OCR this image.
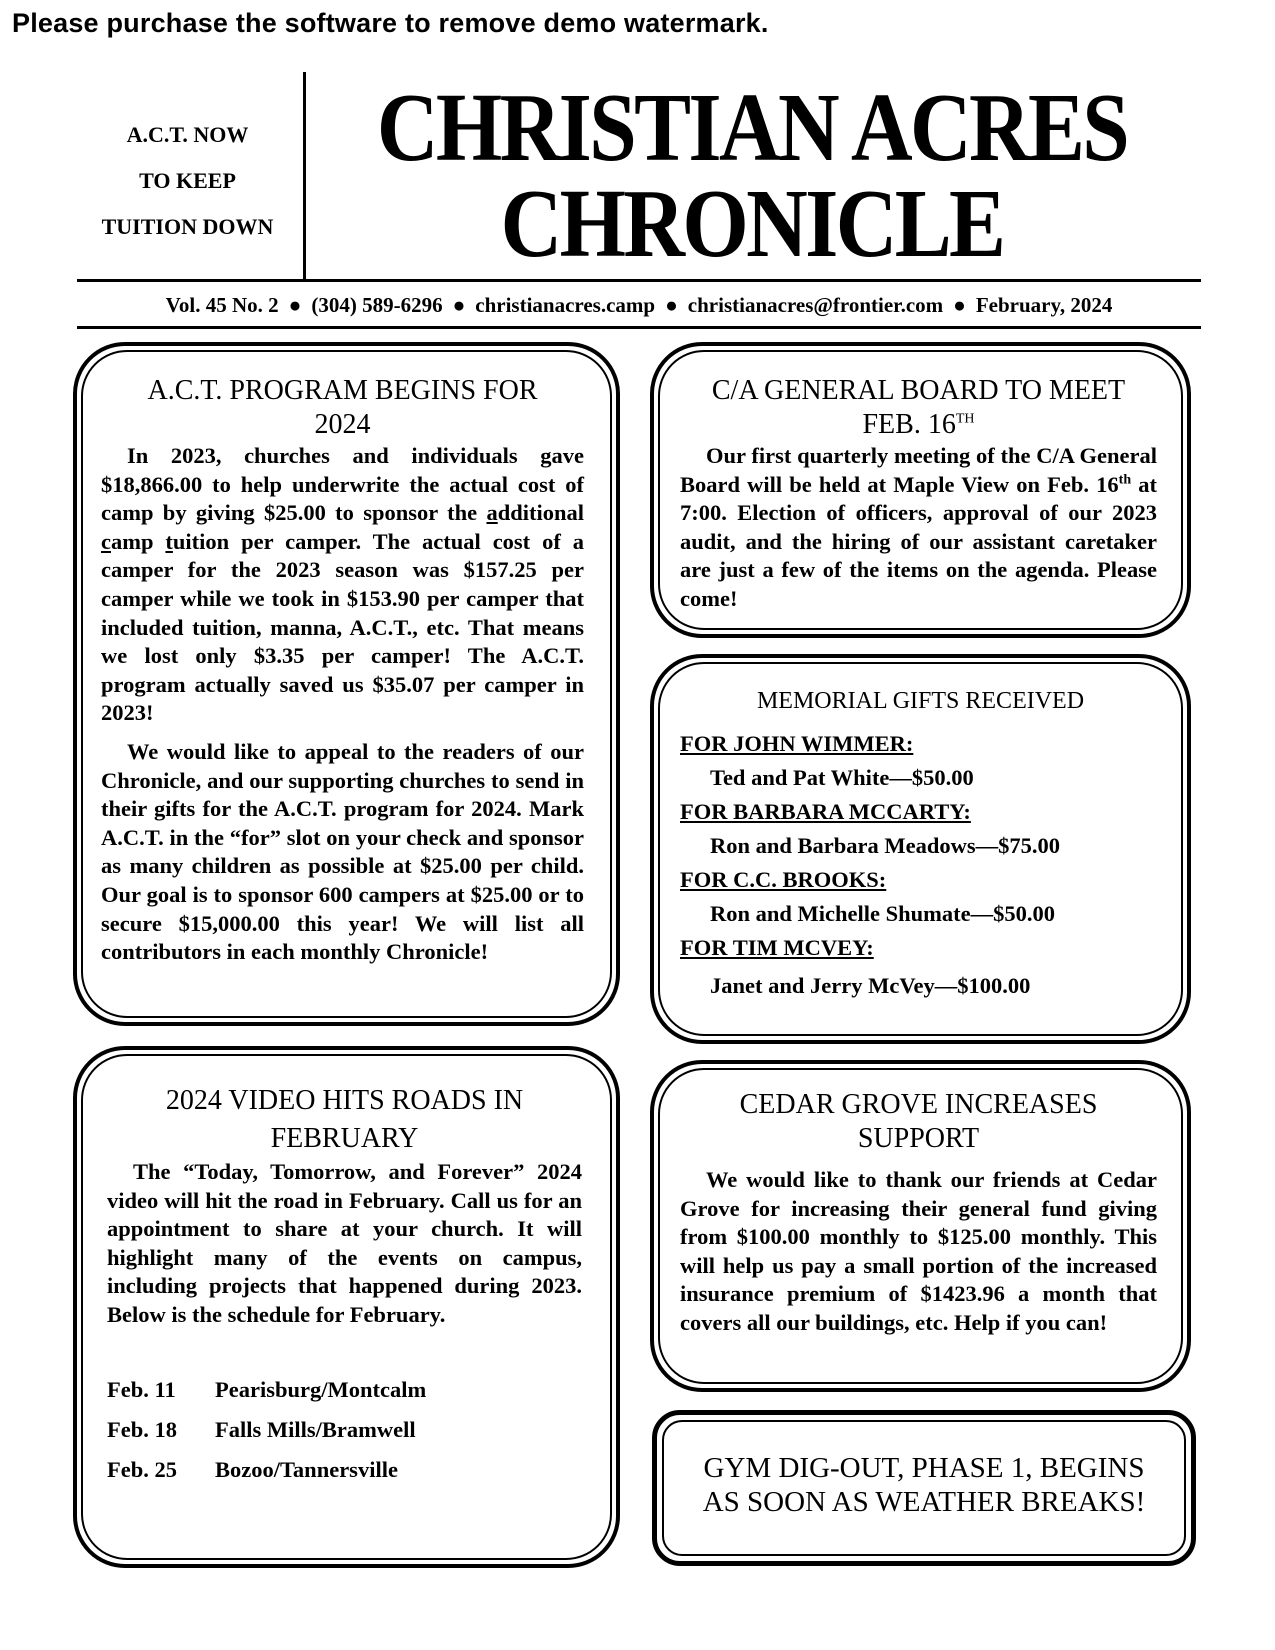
Please purchase the software to remove demo watermark.
A.C.T. NOW
TO KEEP
TUITION DOWN
CHRISTIAN ACRES
CHRONICLE
Vol. 45 No. 2 ● (304) 589-6296 ● christianacres.camp ● christianacres@frontier.com ● February, 2024
A.C.T. PROGRAM BEGINS FOR 2024

In 2023, churches and individuals gave $18,866.00 to help underwrite the actual cost of camp by giving $25.00 to sponsor the additional camp tuition per camper. The actual cost of a camper for the 2023 season was $157.25 per camper while we took in $153.90 per camper that included tuition, manna, A.C.T., etc. That means we lost only $3.35 per camper! The A.C.T. program actually saved us $35.07 per camper in 2023!

We would like to appeal to the readers of our Chronicle, and our supporting churches to send in their gifts for the A.C.T. program for 2024. Mark A.C.T. in the “for” slot on your check and sponsor as many children as possible at $25.00 per child. Our goal is to sponsor 600 campers at $25.00 or to secure $15,000.00 this year! We will list all contributors in each monthly Chronicle!

C/A GENERAL BOARD TO MEET FEB. 16TH

Our first quarterly meeting of the C/A General Board will be held at Maple View on Feb. 16th at 7:00. Election of officers, approval of our 2023 audit, and the hiring of our assistant caretaker are just a few of the items on the agenda. Please come!

MEMORIAL GIFTS RECEIVED
FOR JOHN WIMMER:
Ted and Pat White—$50.00
FOR BARBARA MCCARTY:
Ron and Barbara Meadows—$75.00
FOR C.C. BROOKS:
Ron and Michelle Shumate—$50.00
FOR TIM MCVEY:
Janet and Jerry McVey—$100.00
2024 VIDEO HITS ROADS IN FEBRUARY

The “Today, Tomorrow, and Forever” 2024 video will hit the road in February. Call us for an appointment to share at your church. It will highlight many of the events on campus, including projects that happened during 2023. Below is the schedule for February.

Feb. 11 Pearisburg/Montcalm
Feb. 18 Falls Mills/Bramwell
Feb. 25 Bozoo/Tannersville
CEDAR GROVE INCREASES SUPPORT

We would like to thank our friends at Cedar Grove for increasing their general fund giving from $100.00 monthly to $125.00 monthly. This will help us pay a small portion of the increased insurance premium of $1423.96 a month that covers all our buildings, etc. Help if you can!

GYM DIG-OUT, PHASE 1, BEGINS
AS SOON AS WEATHER BREAKS!
